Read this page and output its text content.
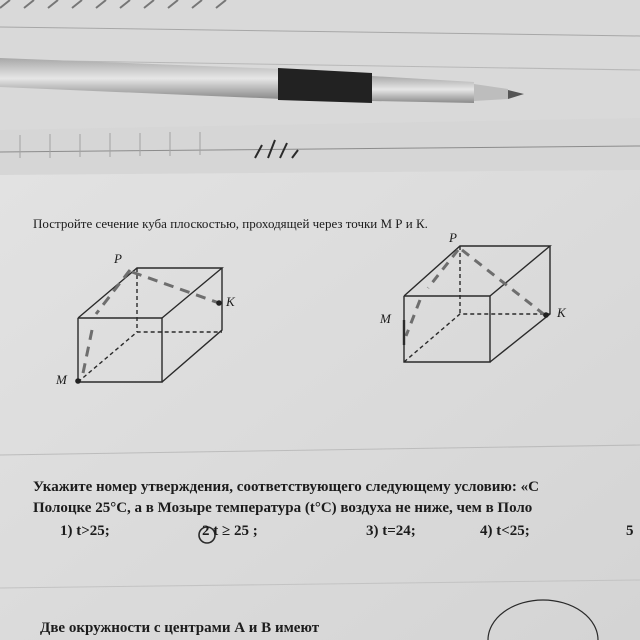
Постройте сечение куба плоскостью, проходящей через точки М Р и К.

P
K
M
P
K
M

Укажите номер утверждения, соответствующего следующему условию: «С

Полоцке 25°С, а в Мозыре температура (t°C) воздуха не ниже, чем в Поло

1) t>25;	2 t ≥ 25 ;	3) t=24;	4) t<25;	5

Две окружности с центрами А и В имеют
